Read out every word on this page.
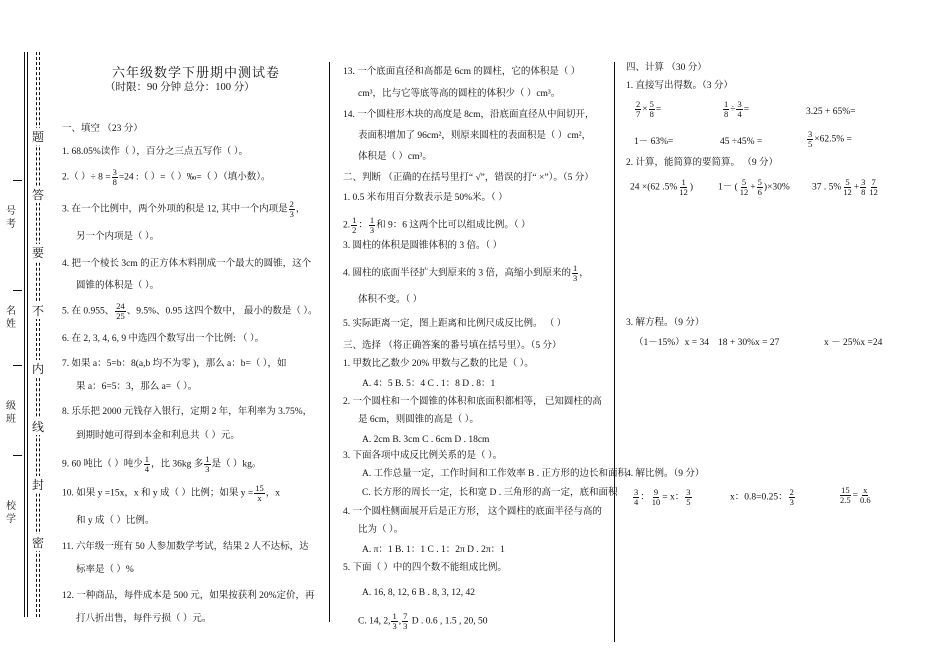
号考
名姓
级班
校学
题
答
要
不
内
线
封
密
六年级数学下册期中测试卷
（时限：90 分钟 总分：100 分）
一、填空 （23 分）
1. 68.05%读作（ ），百分之三点五写作（ ）。
2.（ ）÷ $8 = \frac{3}{8} =24$ :（ ）=（ ）‰=（ ）（填小数）。
3. 在一个比例中，两个外项的积是 12, 其中一个内项是 $\frac{2}{3}$ ，
另一个内项是（ ）。
4. 把一个棱长 3cm 的正方体木料削成一个最大的圆锥，这个
圆锥的体积是（ ）。
5. 在 0.955、 $\frac{24}{25}$ 、9.5%、0.95 这四个数中， 最小的数是（ ）。
6. 在 2, 3, 4, 6, 9 中选四个数写出一个比例: （ ）。
7. 如果 a：5=b：8(a,b 均不为零 )，那么 a：b=（ ），如
果 a：6=5：3，那么 a=（ ）。
8. 乐乐把 2000 元钱存入银行，定期 2 年，年利率为 3.75%，
到期时她可得到本金和利息共（ ）元。
9. 60 吨比（ ）吨少 $\frac{1}{4}$ ，比 36kg 多 $\frac{1}{3}$ 是（ ）kg。
10. 如果 y =15x，x 和 y 成（ ）比例；如果 $y = \frac{15}{x}$ ，x
和 y 成（ ）比例。
11. 六年级一班有 50 人参加数学考试，结果 2 人不达标，达
标率是（ ）%
12. 一种商品，每件成本是 500 元，如果按获利 20%定价，再
打八折出售，每件亏损（ ）元。
13. 一个底面直径和高都是 6cm 的圆柱，它的体积是（ ）
cm³，比与它等底等高的圆柱的体积少（ ）cm³。
14. 一个圆柱形木块的高度是 8cm，沿底面直径从中间切开，
表面积增加了 96cm²，则原来圆柱的表面积是（ ）cm²，
体积是（ ）cm³。
二、判断 （正确的在括号里打“ √”，错误的打“ ×”）。（5 分）
1. 0.5 米布用百分数表示是 50%米。（ ）
2. $\frac{1}{2}$ ： $\frac{1}{3}$ 和 9：6 这两个比可以组成比例。（ ）
3. 圆柱的体积是圆锥体积的 3 倍。（ ）
4. 圆柱的底面半径扩大到原来的 3 倍，高缩小到原来的 $\frac{1}{3}$ ，
体积不变。（ ）
5. 实际距离一定，图上距离和比例尺成反比例。 （ ）
三、选择 （将正确答案的番号填在括号里）。（5 分）
1. 甲数比乙数少 20% 甲数与乙数的比是（ ）。
A. 4：5 B. 5：4 C . 1：8 D . 8：1
2. 一个圆柱和一个圆锥的体积和底面积都相等， 已知圆柱的高
是 6cm，则圆锥的高是（ ）。
A. 2cm B. 3cm C . 6cm D . 18cm
3. 下面各项中成反比例关系的是（ ）。
A. 工作总量一定，工作时间和工作效率 B . 正方形的边长和面积
C. 长方形的周长一定，长和宽 D . 三角形的高一定，底和面积
4. 一个圆柱侧面展开后是正方形， 这个圆柱的底面半径与高的
比为（ ）。
A. π：1 B. 1：1 C . 1：2π D . 2π：1
5. 下面（ ）中的四个数不能组成比例。
A. 16, 8, 12, 6 B . 8, 3, 12, 42
C. 14, 2, $\frac{1}{3}$ , $\frac{7}{3}$ D . 0.6 , 1.5 , 20, 50
四、计算 （30 分）
1. 直接写出得数。（3 分）
$\frac{2}{7} \times \frac{5}{8}$ =	$\frac{1}{8} \div \frac{3}{4}$ =	3.25 + 65%=
1－ 63%=	45 ÷45% =	$\frac{3}{5} \times 62.5\%$ =
2. 计算，能简算的要简算。 （9 分）
24 ×(62 $.5\% \frac{1}{12}$ )	1－ ( $\frac{5}{12} + \frac{5}{6} )\times 30\%$ 37 . $5\% \frac{5}{12} + \frac{3}{8} \frac{7}{12}$
3. 解方程。（9 分）
（1－15%）x = 34 18 + 30%x = 27	x － 25%x =24
4. 解比例。（9 分）
$\frac{3}{4}$ ： $\frac{9}{10} = x$： $\frac{3}{5}$	x：0.8=0.25： $\frac{2}{3}$	$\frac{15}{2.5} = \frac{x}{0.6}$
